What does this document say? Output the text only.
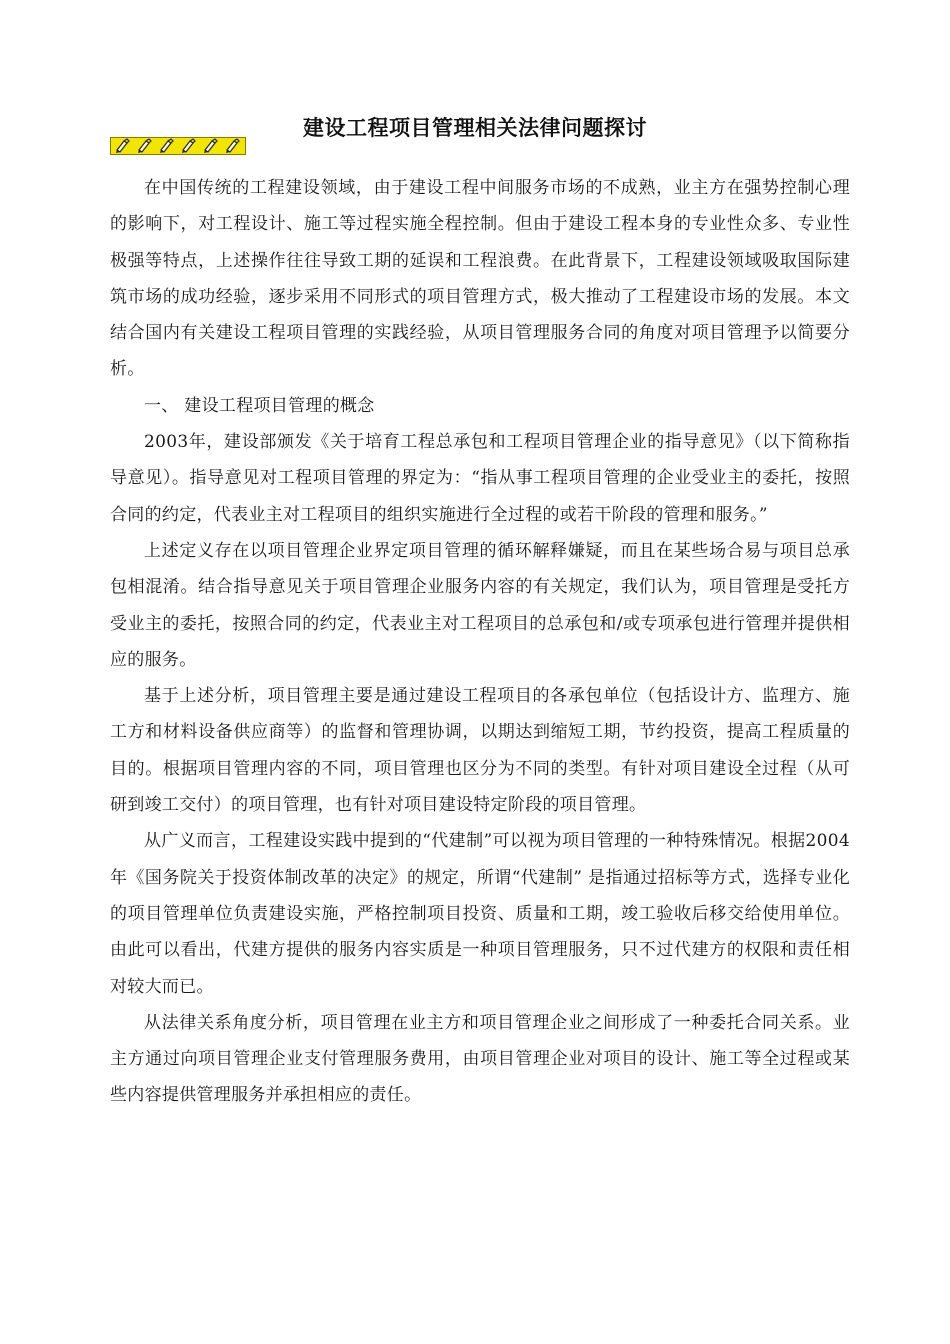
建设工程项目管理相关法律问题探讨

在中国传统的工程建设领域，由于建设工程中间服务市场的不成熟，业主方在强势控制心理的影响下，对工程设计、施工等过程实施全程控制。但由于建设工程本身的专业性众多、专业性极强等特点，上述操作往往导致工期的延误和工程浪费。在此背景下，工程建设领域吸取国际建筑市场的成功经验，逐步采用不同形式的项目管理方式，极大推动了工程建设市场的发展。本文结合国内有关建设工程项目管理的实践经验，从项目管理服务合同的角度对项目管理予以简要分析。

一、 建设工程项目管理的概念

2003年，建设部颁发《关于培育工程总承包和工程项目管理企业的指导意见》（以下简称指导意见）。指导意见对工程项目管理的界定为：“指从事工程项目管理的企业受业主的委托，按照合同的约定，代表业主对工程项目的组织实施进行全过程的或若干阶段的管理和服务。”

上述定义存在以项目管理企业界定项目管理的循环解释嫌疑，而且在某些场合易与项目总承包相混淆。结合指导意见关于项目管理企业服务内容的有关规定，我们认为，项目管理是受托方受业主的委托，按照合同的约定，代表业主对工程项目的总承包和/或专项承包进行管理并提供相应的服务。

基于上述分析，项目管理主要是通过建设工程项目的各承包单位（包括设计方、监理方、施工方和材料设备供应商等）的监督和管理协调，以期达到缩短工期，节约投资，提高工程质量的目的。根据项目管理内容的不同，项目管理也区分为不同的类型。有针对项目建设全过程（从可研到竣工交付）的项目管理，也有针对项目建设特定阶段的项目管理。

从广义而言，工程建设实践中提到的“代建制”可以视为项目管理的一种特殊情况。根据2004年《国务院关于投资体制改革的决定》的规定，所谓“代建制” 是指通过招标等方式，选择专业化的项目管理单位负责建设实施，严格控制项目投资、质量和工期，竣工验收后移交给使用单位。 由此可以看出，代建方提供的服务内容实质是一种项目管理服务，只不过代建方的权限和责任相对较大而已。

从法律关系角度分析，项目管理在业主方和项目管理企业之间形成了一种委托合同关系。业主方通过向项目管理企业支付管理服务费用，由项目管理企业对项目的设计、施工等全过程或某些内容提供管理服务并承担相应的责任。
